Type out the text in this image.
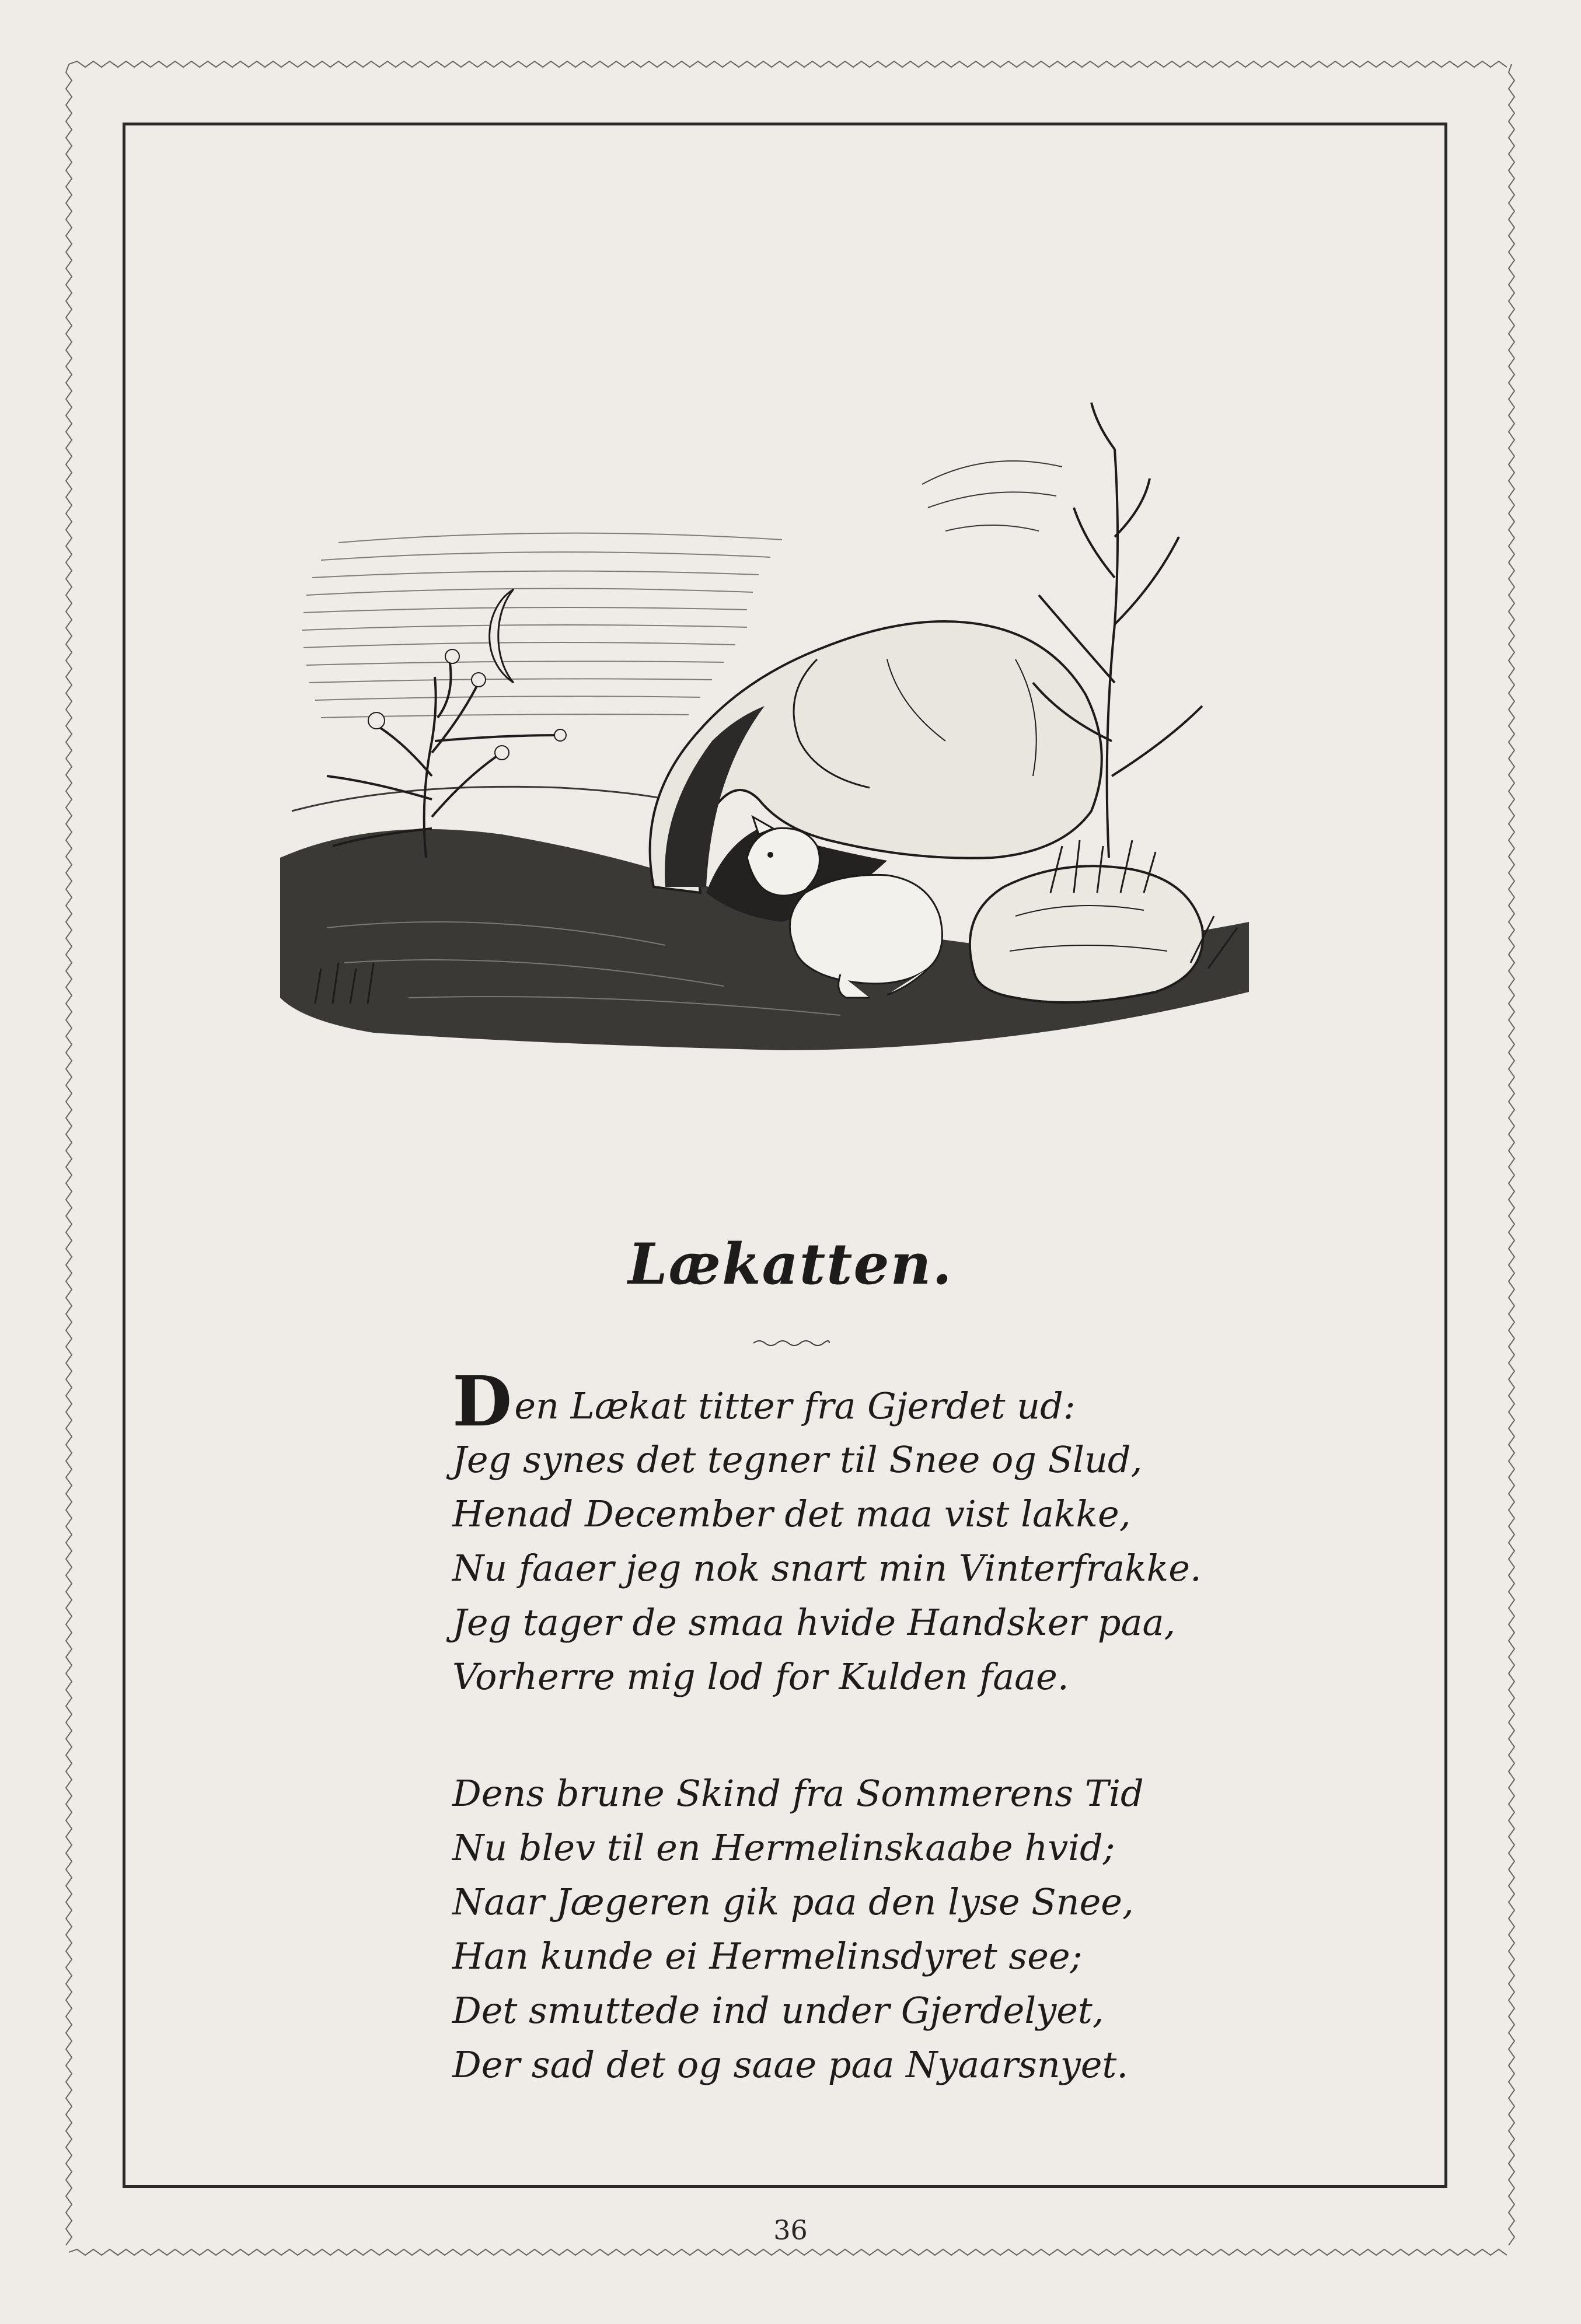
Lækatten.
Den Lækat titter fra Gjerdet ud:
Jeg synes det tegner til Snee og Slud,
Henad December det maa vist lakke,
Nu faaer jeg nok snart min Vinterfrakke.
Jeg tager de smaa hvide Handsker paa,
Vorherre mig lod for Kulden faae.
Dens brune Skind fra Sommerens Tid
Nu blev til en Hermelinskaabe hvid;
Naar Jægeren gik paa den lyse Snee,
Han kunde ei Hermelinsdyret see;
Det smuttede ind under Gjerdelyet,
Der sad det og saae paa Nyaarsnyet.
36
